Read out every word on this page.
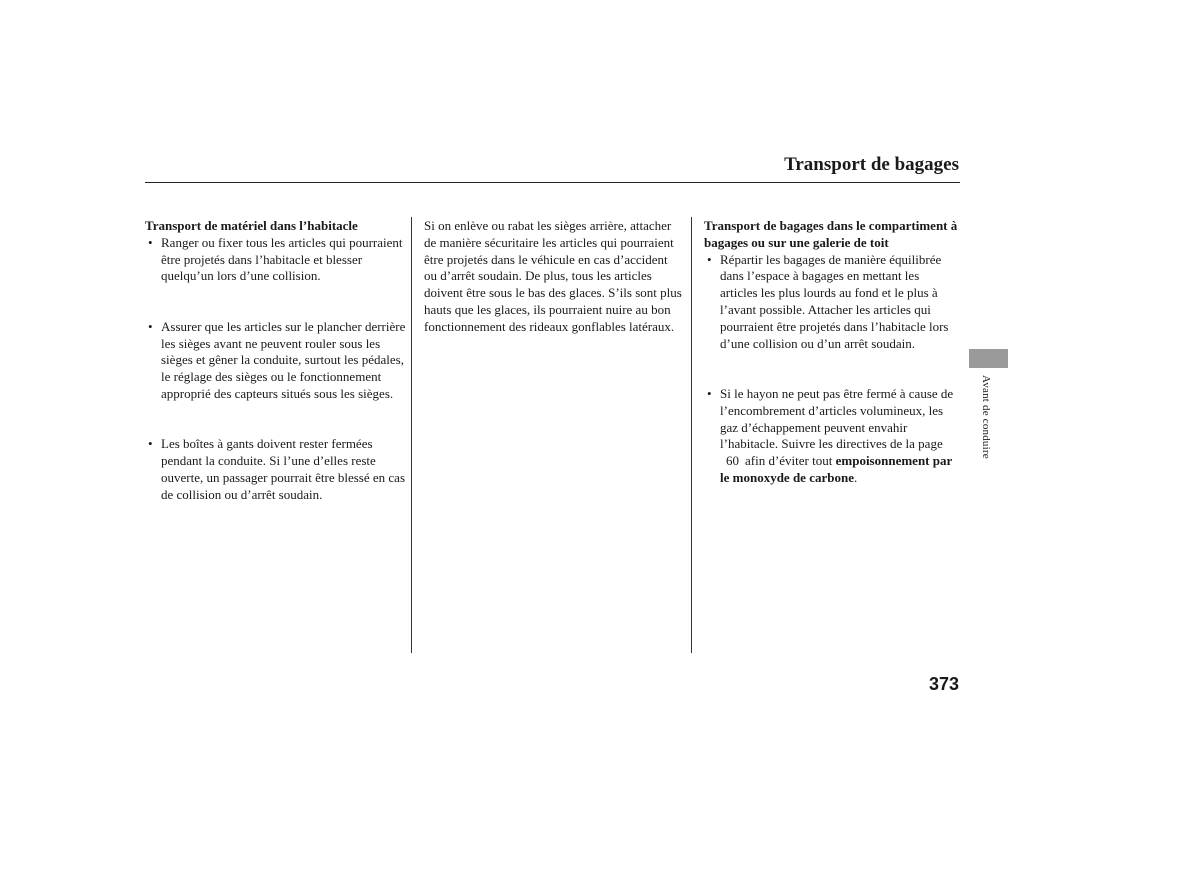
Transport de bagages

Transport de matériel dans l’habitacle

• Ranger ou fixer tous les articles qui pourraient être projetés dans l’habitacle et blesser quelqu’un lors d’une collision.
• Assurer que les articles sur le plancher derrière les sièges avant ne peuvent rouler sous les sièges et gêner la conduite, surtout les pédales, le réglage des sièges ou le fonctionnement approprié des capteurs situés sous les sièges.
• Les boîtes à gants doivent rester fermées pendant la conduite. Si l’une d’elles reste ouverte, un passager pourrait être blessé en cas de collision ou d’arrêt soudain.

Si on enlève ou rabat les sièges arrière, attacher de manière sécuritaire les articles qui pourraient être projetés dans le véhicule en cas d’accident ou d’arrêt soudain. De plus, tous les articles doivent être sous le bas des glaces. S’ils sont plus hauts que les glaces, ils pourraient nuire au bon fonctionnement des rideaux gonflables latéraux.

Transport de bagages dans le compartiment à bagages ou sur une galerie de toit

• Répartir les bagages de manière équilibrée dans l’espace à bagages en mettant les articles les plus lourds au fond et le plus à l’avant possible. Attacher les articles qui pourraient être projetés dans l’habitacle lors d’une collision ou d’un arrêt soudain.
• Si le hayon ne peut pas être fermé à cause de l’encombrement d’articles volumineux, les gaz d’échappement peuvent envahir l’habitacle. Suivre les directives de la page
60 afin d’éviter tout empoisonnement par le monoxyde de carbone.
Avant de conduire
373
